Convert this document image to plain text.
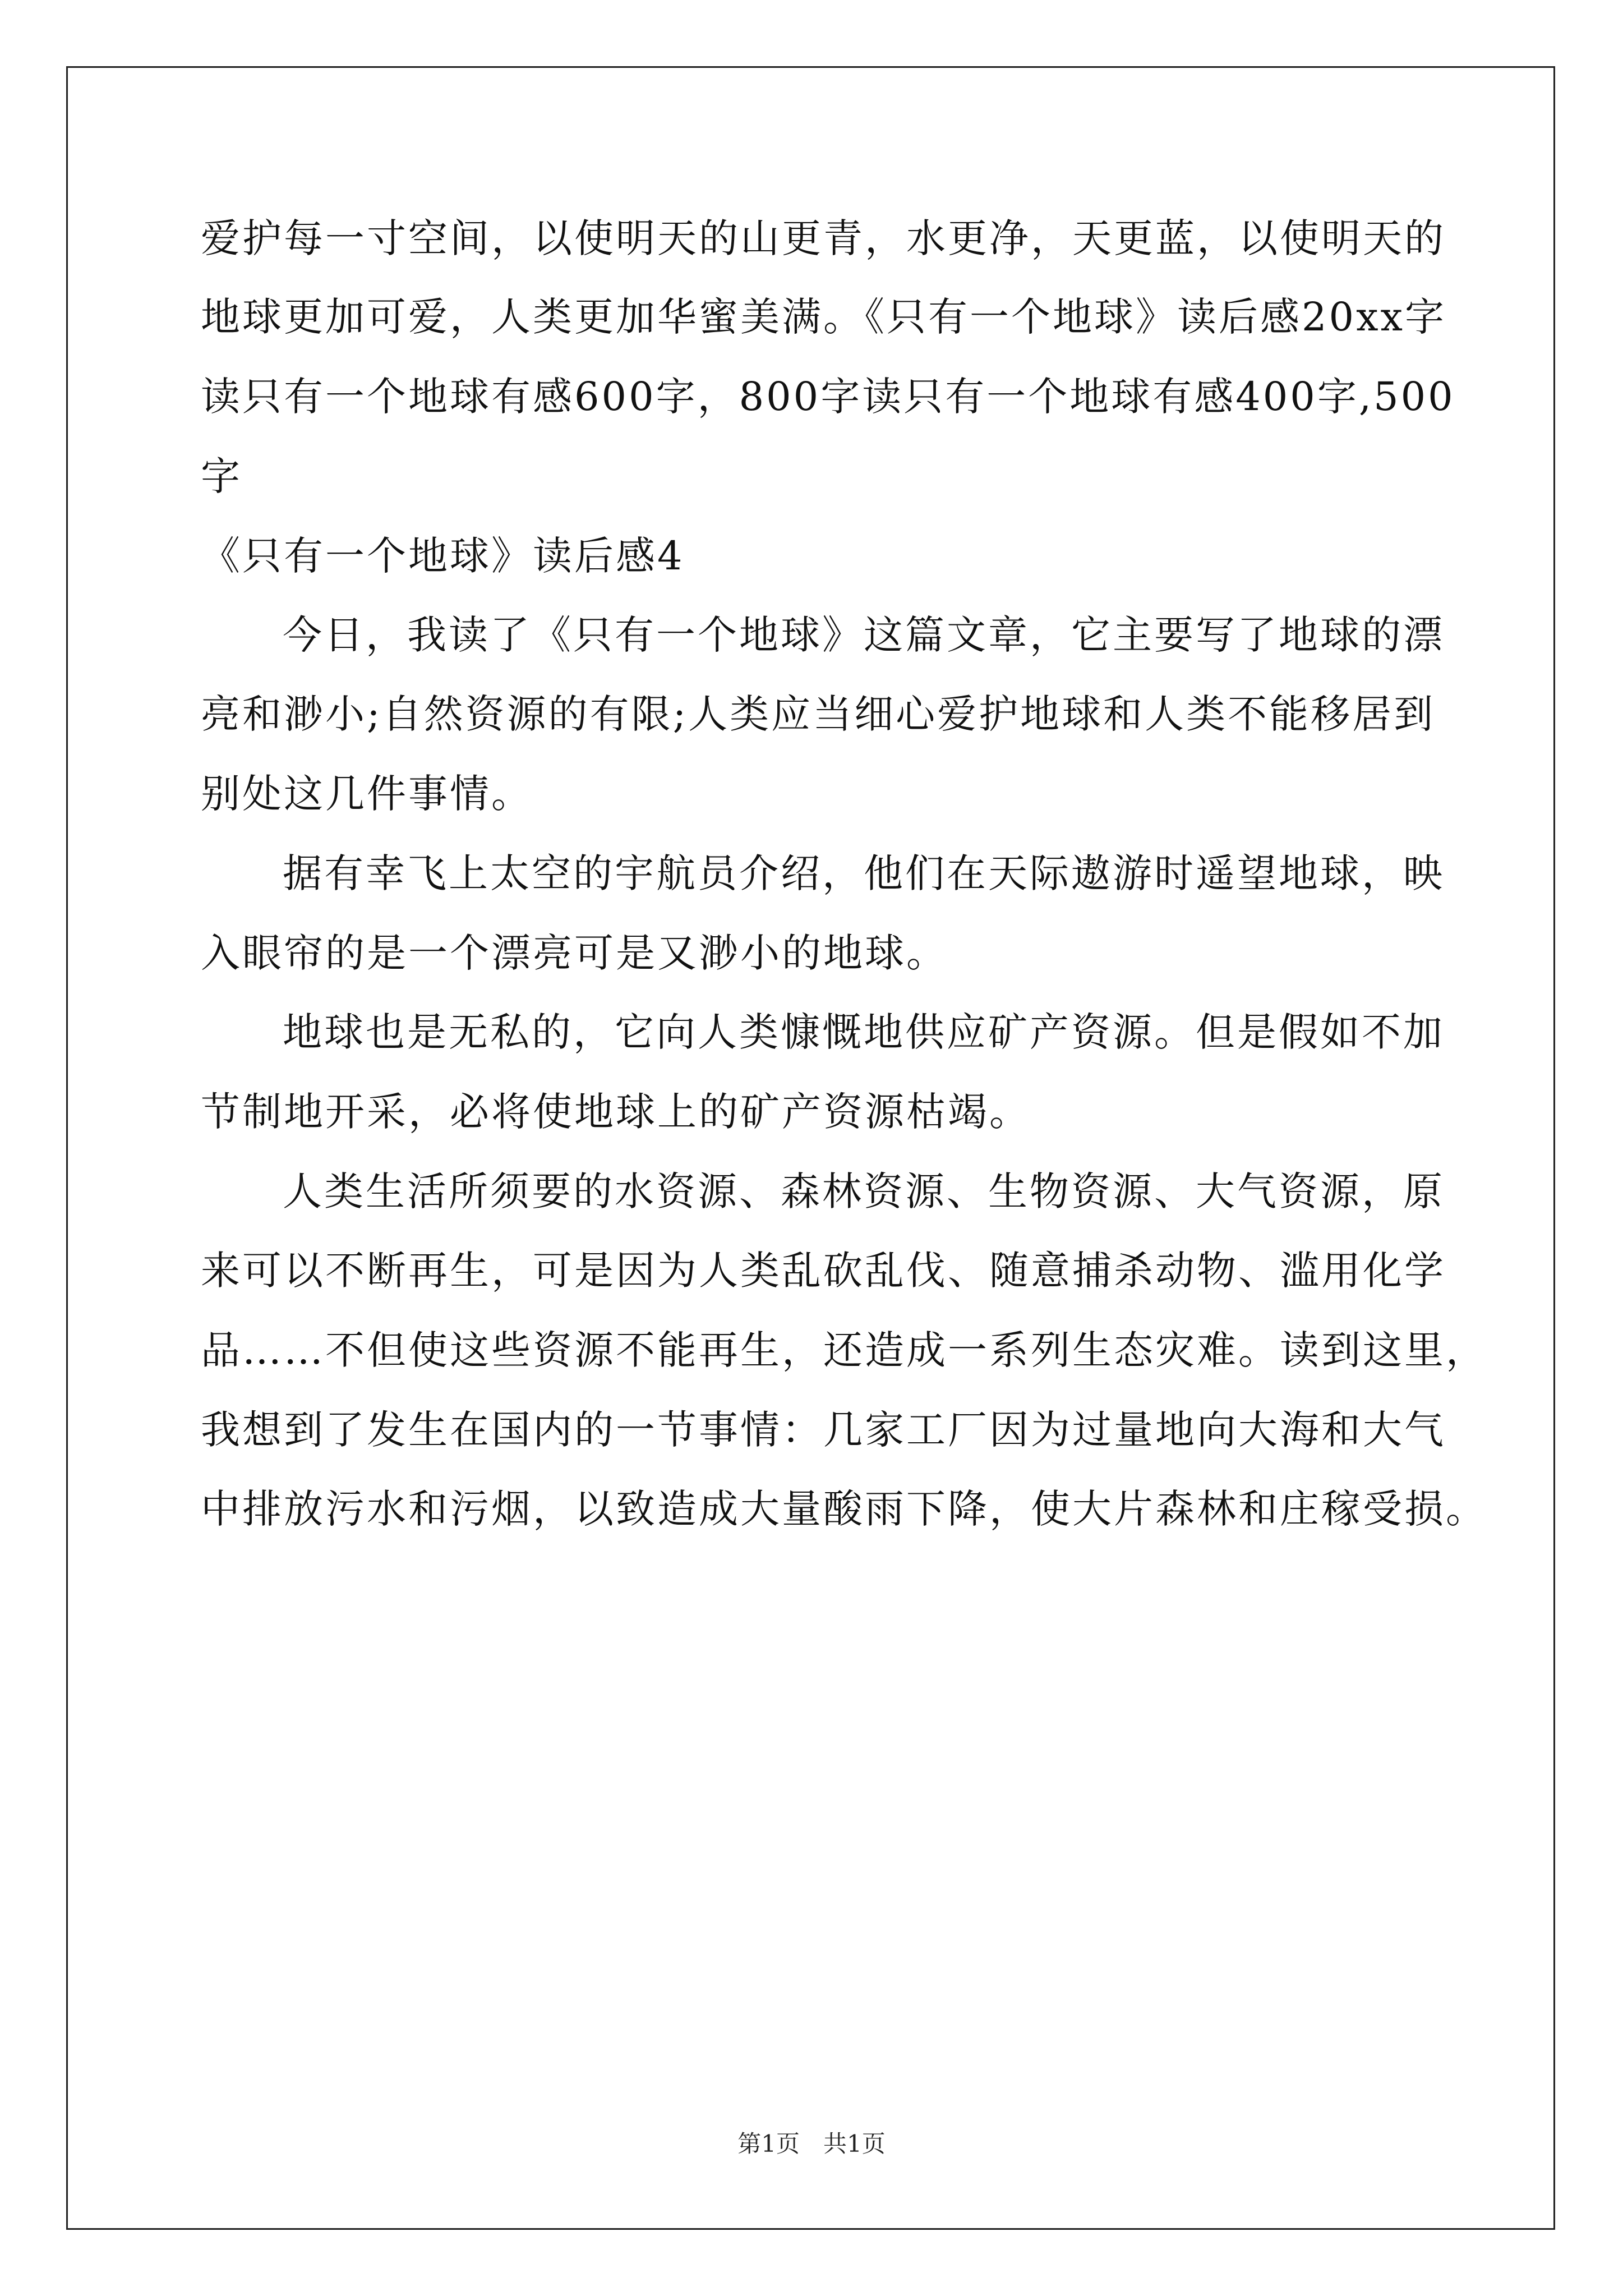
爱护每一寸空间，以使明天的山更青，水更净，天更蓝，以使明天的
地球更加可爱，人类更加华蜜美满。《只有一个地球》读后感20xx字
读只有一个地球有感600字，800字读只有一个地球有感400字,500
字
《只有一个地球》读后感4
今日，我读了《只有一个地球》这篇文章，它主要写了地球的漂
亮和渺小;自然资源的有限;人类应当细心爱护地球和人类不能移居到
别处这几件事情。
据有幸飞上太空的宇航员介绍，他们在天际遨游时遥望地球，映
入眼帘的是一个漂亮可是又渺小的地球。
地球也是无私的，它向人类慷慨地供应矿产资源。但是假如不加
节制地开采，必将使地球上的矿产资源枯竭。
人类生活所须要的水资源、森林资源、生物资源、大气资源，原
来可以不断再生，可是因为人类乱砍乱伐、随意捕杀动物、滥用化学
品……不但使这些资源不能再生，还造成一系列生态灾难。读到这里，
我想到了发生在国内的一节事情：几家工厂因为过量地向大海和大气
中排放污水和污烟，以致造成大量酸雨下降，使大片森林和庄稼受损。
第1页　共1页
